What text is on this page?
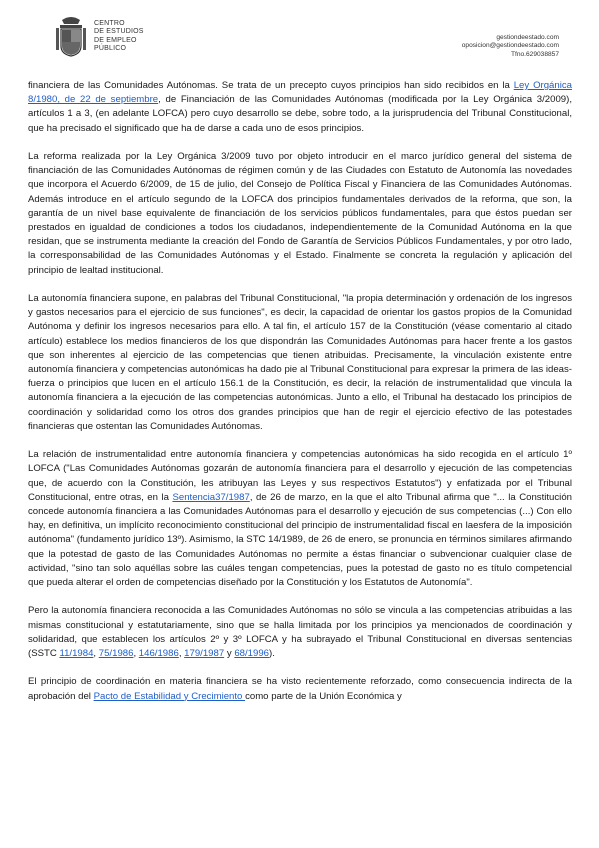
CENTRO
DE ESTUDIOS
DE EMPLEO
PÚBLICO
gestiondeestado.com
oposicion@gestiondeestado.com
Tfno.629038857

financiera de las Comunidades Autónomas. Se trata de un precepto cuyos principios han sido recibidos en la Ley Orgánica 8/1980, de 22 de septiembre, de Financiación de las Comunidades Autónomas (modificada por la Ley Orgánica 3/2009), artículos 1 a 3, (en adelante LOFCA) pero cuyo desarrollo se debe, sobre todo, a la jurisprudencia del Tribunal Constitucional, que ha precisado el significado que ha de darse a cada uno de esos principios.

La reforma realizada por la Ley Orgánica 3/2009 tuvo por objeto introducir en el marco jurídico general del sistema de financiación de las Comunidades Autónomas de régimen común y de las Ciudades con Estatuto de Autonomía las novedades que incorpora el Acuerdo 6/2009, de 15 de julio, del Consejo de Política Fiscal y Financiera de las Comunidades Autónomas. Además introduce en el artículo segundo de la LOFCA dos principios fundamentales derivados de la reforma, que son, la garantía de un nivel base equivalente de financiación de los servicios públicos fundamentales, para que éstos puedan ser prestados en igualdad de condiciones a todos los ciudadanos, independientemente de la Comunidad Autónoma en la que residan, que se instrumenta mediante la creación del Fondo de Garantía de Servicios Públicos Fundamentales, y por otro lado, la corresponsabilidad de las Comunidades Autónomas y el Estado. Finalmente se concreta la regulación y aplicación del principio de lealtad institucional.

La autonomía financiera supone, en palabras del Tribunal Constitucional, "la propia determinación y ordenación de los ingresos y gastos necesarios para el ejercicio de sus funciones", es decir, la capacidad de orientar los gastos propios de la Comunidad Autónoma y definir los ingresos necesarios para ello. A tal fin, el artículo 157 de la Constitución (véase comentario al citado artículo) establece los medios financieros de los que dispondrán las Comunidades Autónomas para hacer frente a los gastos que son inherentes al ejercicio de las competencias que tienen atribuidas. Precisamente, la vinculación existente entre autonomía financiera y competencias autonómicas ha dado pie al Tribunal Constitucional para expresar la primera de las ideas-fuerza o principios que lucen en el artículo 156.1 de la Constitución, es decir, la relación de instrumentalidad que vincula la autonomía financiera a la ejecución de las competencias autonómicas. Junto a ello, el Tribunal ha destacado los principios de coordinación y solidaridad como los otros dos grandes principios que han de regir el ejercicio efectivo de las potestades financieras que ostentan las Comunidades Autónomas.

La relación de instrumentalidad entre autonomía financiera y competencias autonómicas ha sido recogida en el artículo 1º LOFCA ("Las Comunidades Autónomas gozarán de autonomía financiera para el desarrollo y ejecución de las competencias que, de acuerdo con la Constitución, les atribuyan las Leyes y sus respectivos Estatutos") y enfatizada por el Tribunal Constitucional, entre otras, en la Sentencia37/1987, de 26 de marzo, en la que el alto Tribunal afirma que "... la Constitución concede autonomía financiera a las Comunidades Autónomas para el desarrollo y ejecución de sus competencias (...) Con ello hay, en definitiva, un implícito reconocimiento constitucional del principio de instrumentalidad fiscal en laesfera de la imposición autónoma" (fundamento jurídico 13º). Asimismo, la STC 14/1989, de 26 de enero, se pronuncia en términos similares afirmando que la potestad de gasto de las Comunidades Autónomas no permite a éstas financiar o subvencionar cualquier clase de actividad, "sino tan solo aquéllas sobre las cuáles tengan competencias, pues la potestad de gasto no es título competencial que pueda alterar el orden de competencias diseñado por la Constitución y los Estatutos de Autonomía".

Pero la autonomía financiera reconocida a las Comunidades Autónomas no sólo se vincula a las competencias atribuidas a las mismas constitucional y estatutariamente, sino que se halla limitada por los principios ya mencionados de coordinación y solidaridad, que establecen los artículos 2º y 3º LOFCA y ha subrayado el Tribunal Constitucional en diversas sentencias (SSTC 11/1984, 75/1986, 146/1986, 179/1987 y 68/1996).

El principio de coordinación en materia financiera se ha visto recientemente reforzado, como consecuencia indirecta de la aprobación del Pacto de Estabilidad y Crecimiento como parte de la Unión Económica y
